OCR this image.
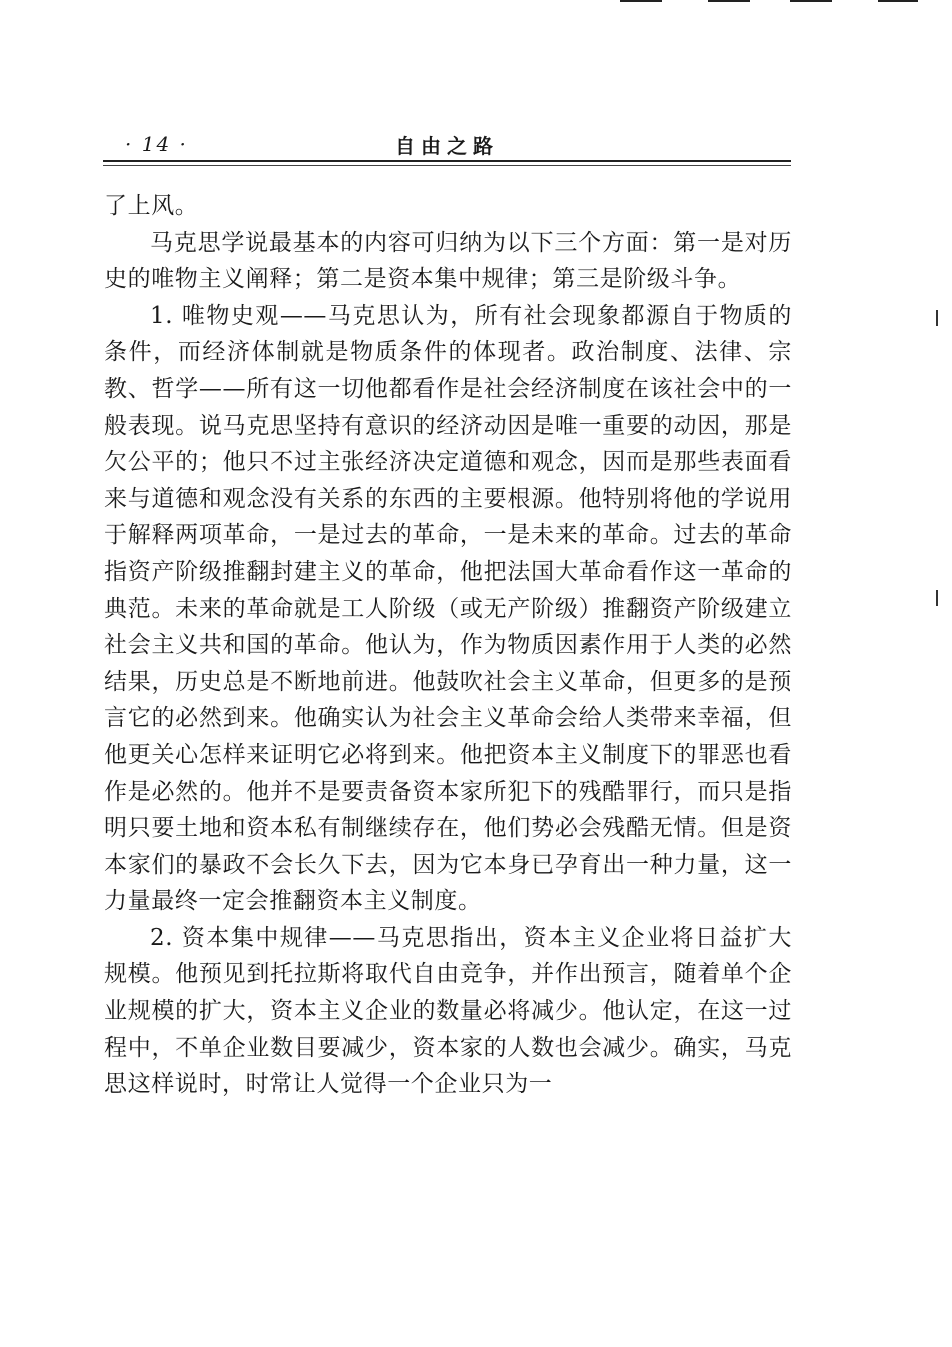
· 14 ·	自由之路

了上风。

马克思学说最基本的内容可归纳为以下三个方面：第一是对历史的唯物主义阐释；第二是资本集中规律；第三是阶级斗争。

1. 唯物史观——马克思认为，所有社会现象都源自于物质的条件，而经济体制就是物质条件的体现者。政治制度、法律、宗教、哲学——所有这一切他都看作是社会经济制度在该社会中的一般表现。说马克思坚持有意识的经济动因是唯一重要的动因，那是欠公平的；他只不过主张经济决定道德和观念，因而是那些表面看来与道德和观念没有关系的东西的主要根源。他特别将他的学说用于解释两项革命，一是过去的革命，一是未来的革命。过去的革命指资产阶级推翻封建主义的革命，他把法国大革命看作这一革命的典范。未来的革命就是工人阶级（或无产阶级）推翻资产阶级建立社会主义共和国的革命。他认为，作为物质因素作用于人类的必然结果，历史总是不断地前进。他鼓吹社会主义革命，但更多的是预言它的必然到来。他确实认为社会主义革命会给人类带来幸福，但他更关心怎样来证明它必将到来。他把资本主义制度下的罪恶也看作是必然的。他并不是要责备资本家所犯下的残酷罪行，而只是指明只要土地和资本私有制继续存在，他们势必会残酷无情。但是资本家们的暴政不会长久下去，因为它本身已孕育出一种力量，这一力量最终一定会推翻资本主义制度。

2. 资本集中规律——马克思指出，资本主义企业将日益扩大规模。他预见到托拉斯将取代自由竞争，并作出预言，随着单个企业规模的扩大，资本主义企业的数量必将减少。他认定，在这一过程中，不单企业数目要减少，资本家的人数也会减少。确实，马克思这样说时，时常让人觉得一个企业只为一
